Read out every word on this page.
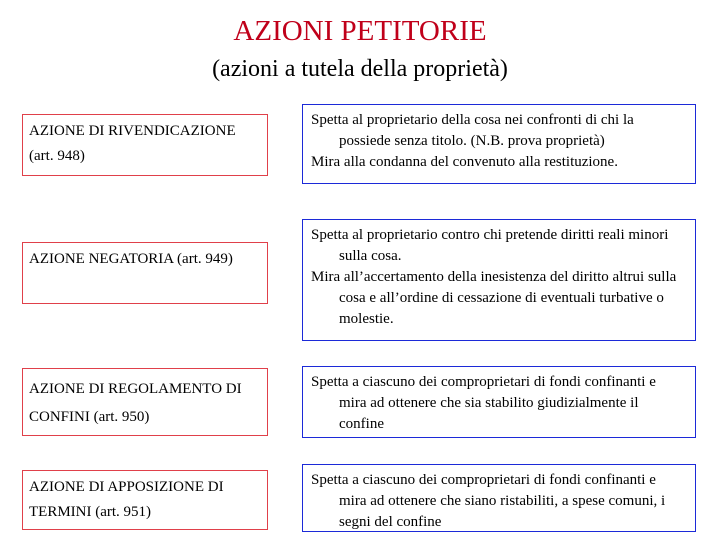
AZIONI PETITORIE
(azioni a tutela della proprietà)
AZIONE DI RIVENDICAZIONE (art. 948)

Spetta al proprietario della cosa nei confronti di chi la possiede senza titolo. (N.B. prova proprietà)

Mira alla condanna del convenuto alla restituzione.

AZIONE NEGATORIA (art. 949)

Spetta al proprietario contro chi pretende diritti reali minori sulla cosa.

Mira all’accertamento della inesistenza del diritto altrui sulla cosa e all’ordine di cessazione di eventuali turbative o molestie.

AZIONE DI REGOLAMENTO DI CONFINI (art. 950)

Spetta a ciascuno dei comproprietari di fondi confinanti e mira ad ottenere che sia stabilito giudizialmente il confine

AZIONE DI APPOSIZIONE DI TERMINI (art. 951)

Spetta a ciascuno dei comproprietari di fondi confinanti e mira ad ottenere che siano ristabiliti, a spese comuni, i segni del confine
